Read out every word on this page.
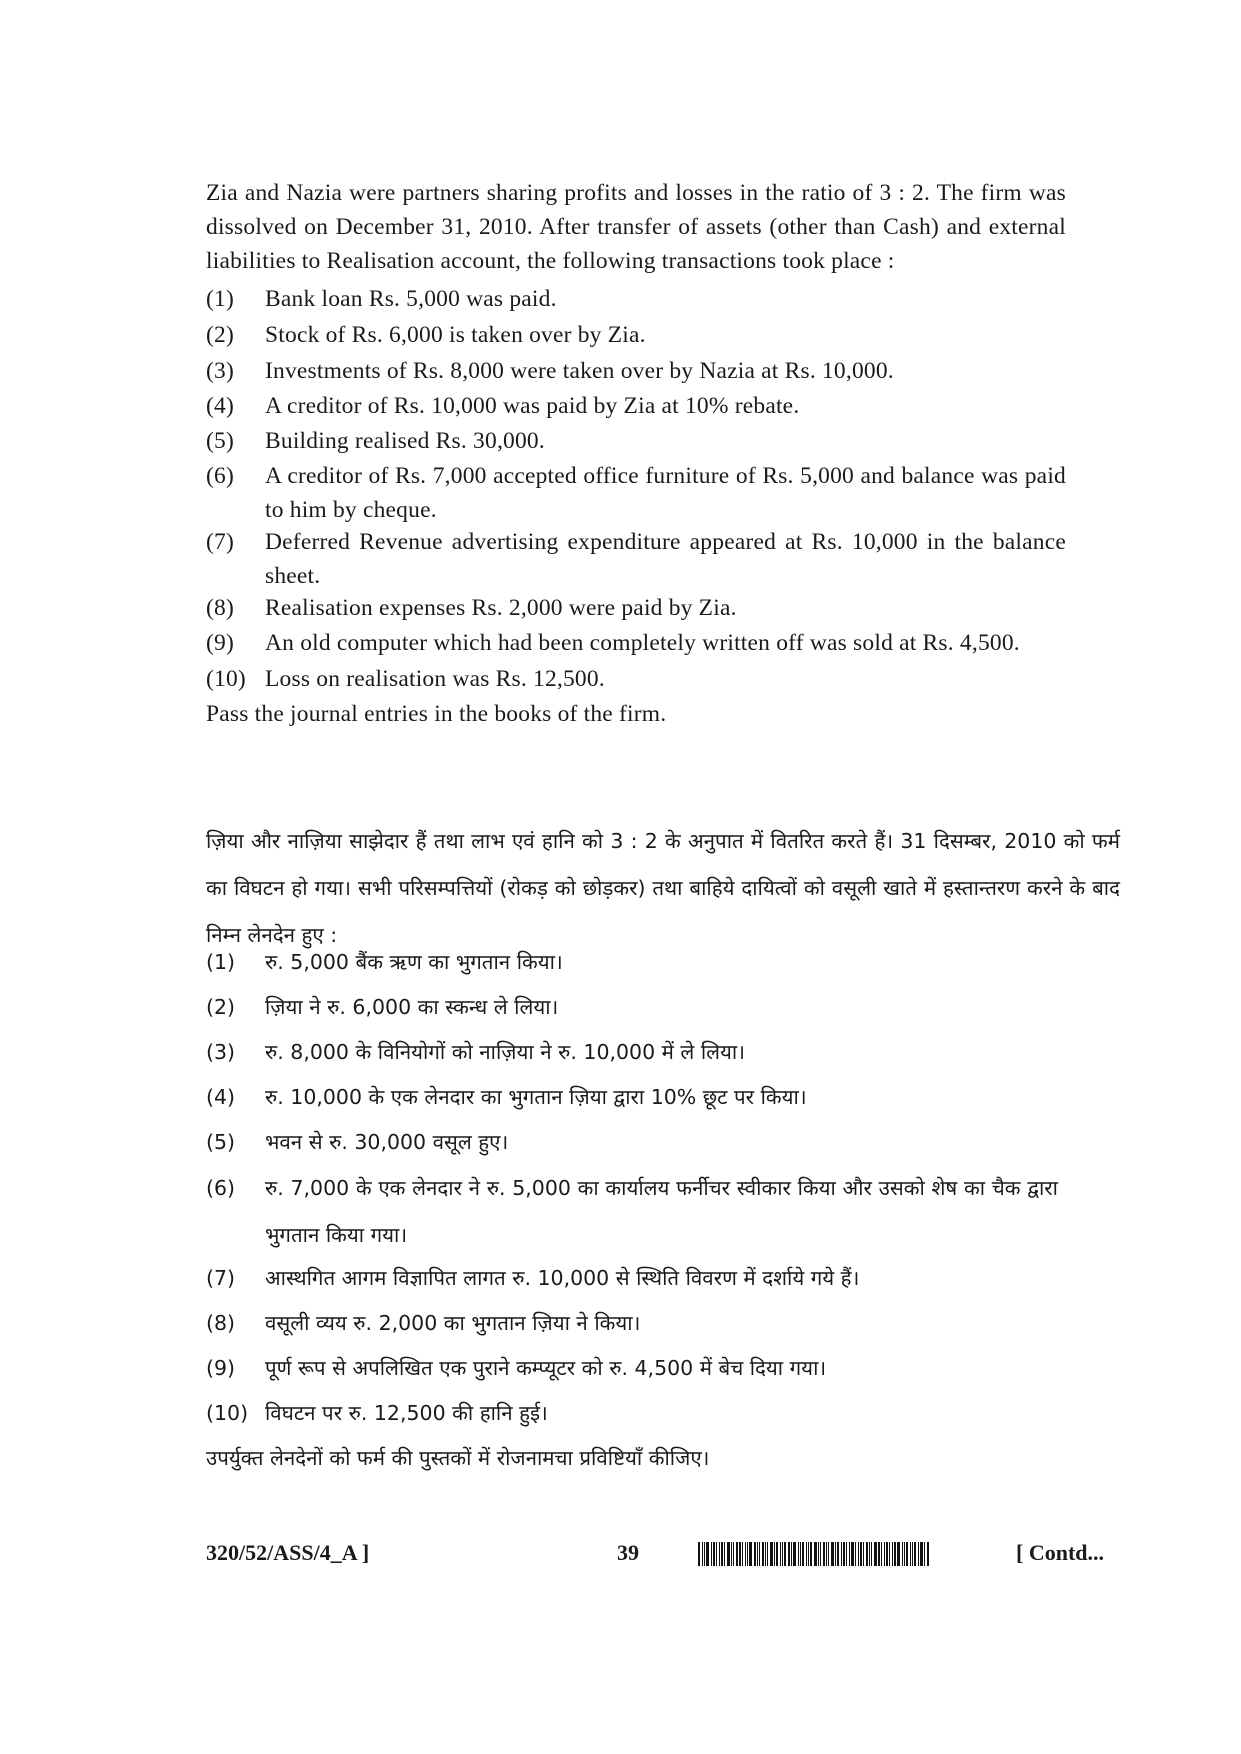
Zia and Nazia were partners sharing profits and losses in the ratio of 3 : 2. The firm was dissolved on December 31, 2010. After transfer of assets (other than Cash) and external liabilities to Realisation account, the following transactions took place :
(1)	Bank loan Rs. 5,000 was paid.
(2)	Stock of Rs. 6,000 is taken over by Zia.
(3)	Investments of Rs. 8,000 were taken over by Nazia at Rs. 10,000.
(4)	A creditor of Rs. 10,000 was paid by Zia at 10% rebate.
(5)	Building realised Rs. 30,000.
(6)	A creditor of Rs. 7,000 accepted office furniture of Rs. 5,000 and balance was paid to him by cheque.
(7)	Deferred Revenue advertising expenditure appeared at Rs. 10,000 in the balance sheet.
(8)	Realisation expenses Rs. 2,000 were paid by Zia.
(9)	An old computer which had been completely written off was sold at Rs. 4,500.
(10) Loss on realisation was Rs. 12,500.
Pass the journal entries in the books of the firm.
ज़िया और नाज़िया साझेदार हैं तथा लाभ एवं हानि को 3 : 2 के अनुपात में वितरित करते हैं। 31 दिसम्बर, 2010 को फर्म का विघटन हो गया। सभी परिसम्पत्तियों (रोकड़ को छोड़कर) तथा बाहिये दायित्वों को वसूली खाते में हस्तान्तरण करने के बाद निम्न लेनदेन हुए :
(1)	रु. 5,000 बैंक ऋण का भुगतान किया।
(2)	ज़िया ने रु. 6,000 का स्कन्ध ले लिया।
(3)	रु. 8,000 के विनियोगों को नाज़िया ने रु. 10,000 में ले लिया।
(4)	रु. 10,000 के एक लेनदार का भुगतान ज़िया द्वारा 10% छूट पर किया।
(5)	भवन से रु. 30,000 वसूल हुए।
(6)	रु. 7,000 के एक लेनदार ने रु. 5,000 का कार्यालय फर्नीचर स्वीकार किया और उसको शेष का चैक द्वारा भुगतान किया गया।
(7)	आस्थगित आगम विज्ञापित लागत रु. 10,000 से स्थिति विवरण में दर्शाये गये हैं।
(8)	वसूली व्यय रु. 2,000 का भुगतान ज़िया ने किया।
(9)	पूर्ण रूप से अपलिखित एक पुराने कम्प्यूटर को रु. 4,500 में बेच दिया गया।
(10) विघटन पर रु. 12,500 की हानि हुई।
उपर्युक्त लेनदेनों को फर्म की पुस्तकों में रोजनामचा प्रविष्टियाँ कीजिए।
320/52/ASS/4_A ]	39	[ Contd...
